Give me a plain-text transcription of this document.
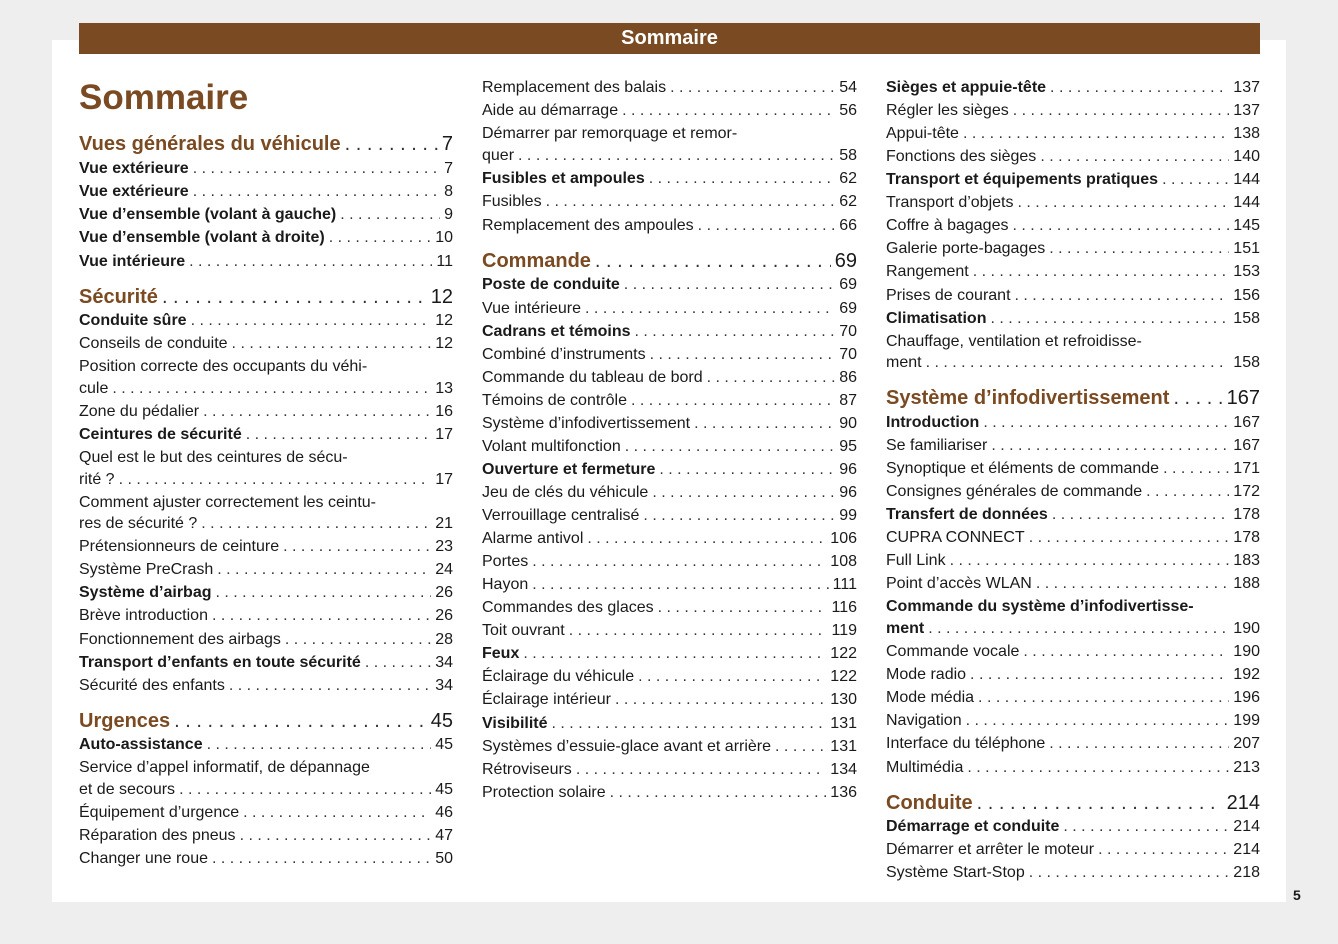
Sommaire
Sommaire
5
Vues générales du véhicule . . .	7
Vue extérieure . . .	7
Vue extérieure . . .	8
Vue d’ensemble (volant à gauche) . . .	9
Vue d’ensemble (volant à droite) . . .	10
Vue intérieure . . .	11
Sécurité . . .	12
Conduite sûre . . .	12
Conseils de conduite . . .	12
Position correcte des occupants du véhi-
cule . . .	13
Zone du pédalier . . .	16
Ceintures de sécurité . . .	17
Quel est le but des ceintures de sécu-
rité ? . . .	17
Comment ajuster correctement les ceintu-
res de sécurité ? . . .	21
Prétensionneurs de ceinture . . .	23
Système PreCrash . . .	24
Système d’airbag . . .	26
Brève introduction . . .	26
Fonctionnement des airbags . . .	28
Transport d’enfants en toute sécurité . . .	34
Sécurité des enfants . . .	34
Urgences . . .	45
Auto-assistance . . .	45
Service d’appel informatif, de dépannage
et de secours . . .	45
Équipement d’urgence . . .	46
Réparation des pneus . . .	47
Changer une roue . . .	50
Remplacement des balais . . .	54
Aide au démarrage . . .	56
Démarrer par remorquage et remor-
quer . . .	58
Fusibles et ampoules . . .	62
Fusibles . . .	62
Remplacement des ampoules . . .	66
Commande . . .	69
Poste de conduite . . .	69
Vue intérieure . . .	69
Cadrans et témoins . . .	70
Combiné d’instruments . . .	70
Commande du tableau de bord . . .	86
Témoins de contrôle . . .	87
Système d’infodivertissement . . .	90
Volant multifonction . . .	95
Ouverture et fermeture . . .	96
Jeu de clés du véhicule . . .	96
Verrouillage centralisé . . .	99
Alarme antivol . . .	106
Portes . . .	108
Hayon . . .	111
Commandes des glaces . . .	116
Toit ouvrant . . .	119
Feux . . .	122
Éclairage du véhicule . . .	122
Éclairage intérieur . . .	130
Visibilité . . .	131
Systèmes d’essuie-glace avant et arrière . . .	131
Rétroviseurs . . .	134
Protection solaire . . .	136
Sièges et appuie-tête . . .	137
Régler les sièges . . .	137
Appui-tête . . .	138
Fonctions des sièges . . .	140
Transport et équipements pratiques . . .	144
Transport d’objets . . .	144
Coffre à bagages . . .	145
Galerie porte-bagages . . .	151
Rangement . . .	153
Prises de courant . . .	156
Climatisation . . .	158
Chauffage, ventilation et refroidisse-
ment . . .	158
Système d’infodivertissement . . .	167
Introduction . . .	167
Se familiariser . . .	167
Synoptique et éléments de commande . . .	171
Consignes générales de commande . . .	172
Transfert de données . . .	178
CUPRA CONNECT . . .	178
Full Link . . .	183
Point d’accès WLAN . . .	188
Commande du système d’infodivertisse-
ment . . .	190
Commande vocale . . .	190
Mode radio . . .	192
Mode média . . .	196
Navigation . . .	199
Interface du téléphone . . .	207
Multimédia . . .	213
Conduite . . .	214
Démarrage et conduite . . .	214
Démarrer et arrêter le moteur . . .	214
Système Start-Stop . . .	218
